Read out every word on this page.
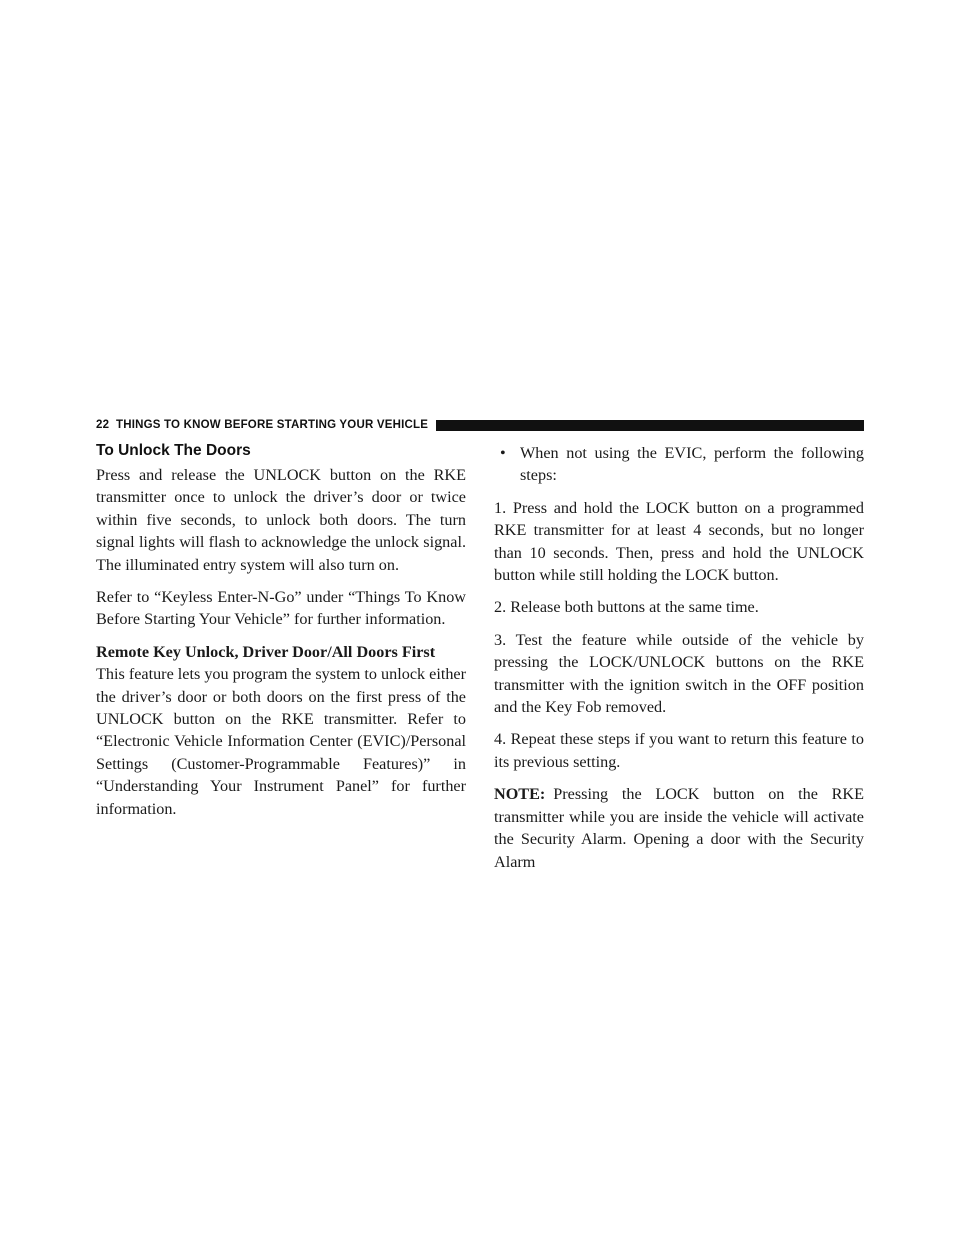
22 THINGS TO KNOW BEFORE STARTING YOUR VEHICLE
To Unlock The Doors

Press and release the UNLOCK button on the RKE transmitter once to unlock the driver’s door or twice within five seconds, to unlock both doors. The turn signal lights will flash to acknowledge the unlock signal. The illuminated entry system will also turn on.

Refer to “Keyless Enter-N-Go” under “Things To Know Before Starting Your Vehicle” for further information.

Remote Key Unlock, Driver Door/All Doors First

This feature lets you program the system to unlock either the driver’s door or both doors on the first press of the UNLOCK button on the RKE transmitter. Refer to “Electronic Vehicle Information Center (EVIC)/Personal Settings (Customer-Programmable Features)” in “Understanding Your Instrument Panel” for further information.

• When not using the EVIC, perform the following steps:

1. Press and hold the LOCK button on a programmed RKE transmitter for at least 4 seconds, but no longer than 10 seconds. Then, press and hold the UNLOCK button while still holding the LOCK button.

2. Release both buttons at the same time.

3. Test the feature while outside of the vehicle by pressing the LOCK/UNLOCK buttons on the RKE transmitter with the ignition switch in the OFF position and the Key Fob removed.

4. Repeat these steps if you want to return this feature to its previous setting.

NOTE: Pressing the LOCK button on the RKE transmitter while you are inside the vehicle will activate the Security Alarm. Opening a door with the Security Alarm
